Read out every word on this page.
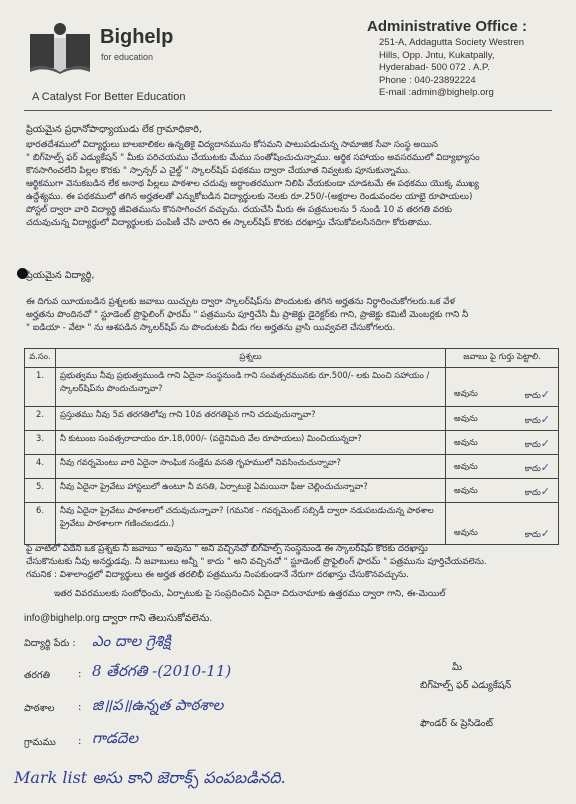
Bighelp
for education
A Catalyst For Better Education
Administrative Office :
251-A, Addagutta Society Westren
Hills, Opp. Jntu, Kukatpally,
Hyderabad- 500 072 . A.P.
Phone : 040-23892224
E-mail :admin@bighelp.org
ప్రియమైన ప్రధానోపాధ్యాయుడు లేక గ్రామాధికారి,
భారతదేశములో విద్యార్థులు బాలబాలికల ఉన్నతికై విద్యదానమును కోసమని పాటుపడుచున్న సామాజిక సేవా సంస్థ అయిన
" బిగ్‌హెల్ప్ ఫర్ ఎడ్యుకేషన్ " మీకు పరిచయము చేయుటకు మేము సంతోషించుచున్నాము. ఆర్థిక సహాయం అవసరములో విద్యాభ్యాసం
కొనసాగించలేని పిల్లల కొరకు " స్పాన్సర్ ఎ చైల్డ్ " స్కాలర్‌షిప్ పథకము ద్వారా చేయూత నివ్వటకు పూనుకున్నాము.
ఆర్థికముగా వెనుకబడిన లేక అనాథ పిల్లలు పాఠశాల చదువు అర్ధాంతరముగా నిలిపి వేయకుండా చూడటమే ఈ పథకము యొక్క ముఖ్య
ఉద్దేశ్యము. ఈ పథకములో తగిన అర్హతలతో ఎన్నుకోబడిన విద్యార్థులకు నెలకు రూ.250/-(అక్షరాల రెండువందల యాభై రూపాయలు)
పోస్టల్ ద్వారా వారి విద్యార్థి జీవితమును కొనసాగించగ వచ్చును. దయచేసి మీరు ఈ పత్రములను 5 నుండి 10 వ తరగతి వరకు
చదువుచున్న విద్యార్థులో విద్యార్థులకు పంపిణీ చేసి వారిని ఈ స్కాలర్‌షిప్ కొరకు దరఖాస్తు చేసుకోవలసినదిగా కోరుతాము.
ప్రియమైన విద్యార్థి,
ఈ దిగువ యీయబడిన ప్రశ్నలకు జవాబు యిచ్చుట ద్వారా స్కాలర్‌షిప్‌ను పొందుటకు తగిన అర్హతను నిర్ధారించుకోగలరు.ఒక వేళ
అర్హతను పొందినచో " స్టూడెంట్ ప్రొఫైలింగ్ ఫారమ్ " పత్రమును పూర్తిచేసి మీ ప్రాజెక్టు డైరెక్టర్‌కు గాని, ప్రాజెక్టు కమిటీ మెంబర్లకు గాని నీ
" ఐడియా - వేటా " ను ఆశపడిన స్కాలర్‌షిప్ ను పొందుటకు వీడు గల అర్హతను వ్రాసి యివ్వవలె చేసుకోగలరు.
వ.సం.	ప్రశ్నలు	జవాబు పై గుర్తు పెట్టాలి.
1.	ప్రభుత్వము నీవు ప్రభుత్వముండి గాని ఏదైనా సంస్థనుండి గాని సంవత్సరమునకు రూ.500/- లకు మించి సహాయం / స్కాలర్‌షిప్‌ను పొందుచున్నావా?	అవును కాదు✓

2.	ప్రస్తుతము నీవు 5వ తరగతిలోపు గాని 10వ తరగతిపైన గాని చదువుచున్నావా?	అవును కాదు✓

3.	నీ కుటుంబ సంవత్సరాదాయం రూ.18,000/- (పద్దెనిమిది వేల రూపాయలు) మించియున్నదా?	అవును కాదు✓

4.	నీవు గవర్నమెంటు వారి ఏదైనా సాంఘిక సంక్షేమ వసతి గృహములో నివసించుచున్నావా?	అవును కాదు✓

5.	నీవు ఏదైనా ప్రైవేటు హాస్టలులో ఉంటూ నీ వసతి, ఏర్పాటుకై ఏమయినా ఫీజు చెల్లించుచున్నావా?	అవును కాదు✓

6.	నీవు ఏదైనా ప్రైవేటు పాఠశాలలో చదువుచున్నావా? (గమనిక - గవర్నమెంట్ సబ్సిడీ ద్వారా నడుపబడుచున్న పాఠశాల ప్రైవేటు పాఠశాలగా గణించబడదు.)	అవును కాదు✓
పై వాటిలో ఏదేని ఒక ప్రశ్నకు నీ జవాబు " అవును " అని వచ్చినచో బిగ్‌హెల్ప్ సంస్థనుండి ఈ స్కాలర్‌షిప్ కొరకు దరఖాస్తు
చేసుకొనుటకు నీవు అనర్హుడవు. నీ జవాబులు అన్నీ " కాదు " అని వచ్చినచో " స్టూడెంట్ ప్రొఫైలింగ్ ఫారమ్ " పత్రమును పూర్తిచేయవలెను.
గమనిక : విశాలాంధ్రలో విద్యార్థులు ఈ అర్హత తరలిభీ పత్రమును నింపకుండానే నేరుగా దరఖాస్తు చేసుకొనవచ్చును.
ఇతర వివరములకు సంబోధించు, ఏర్పాటుకు పై సంప్రదించిన ఏదైనా చిరునామాకు ఉత్తరము ద్వారా గాని, ఈ-మెయిల్
info@bighelp.org ద్వారా గాని తెలుసుకోవలెను.
విద్యార్థి పేరు : ఎం దాల గ్రెశిక్షి
తరగతి	: 8 తేరగతి -(2010-11)
పాఠశాల : జి॥ప॥ఉన్నత పాఠశాల
గ్రామము : గాడదెల
Mark list అసు కాని జెరాక్స్ పంపబడినది.
మీ
బిగ్‌హెల్ప్ ఫర్ ఎడ్యుకేషన్
ఫౌండర్ & ప్రెసిడెంట్
